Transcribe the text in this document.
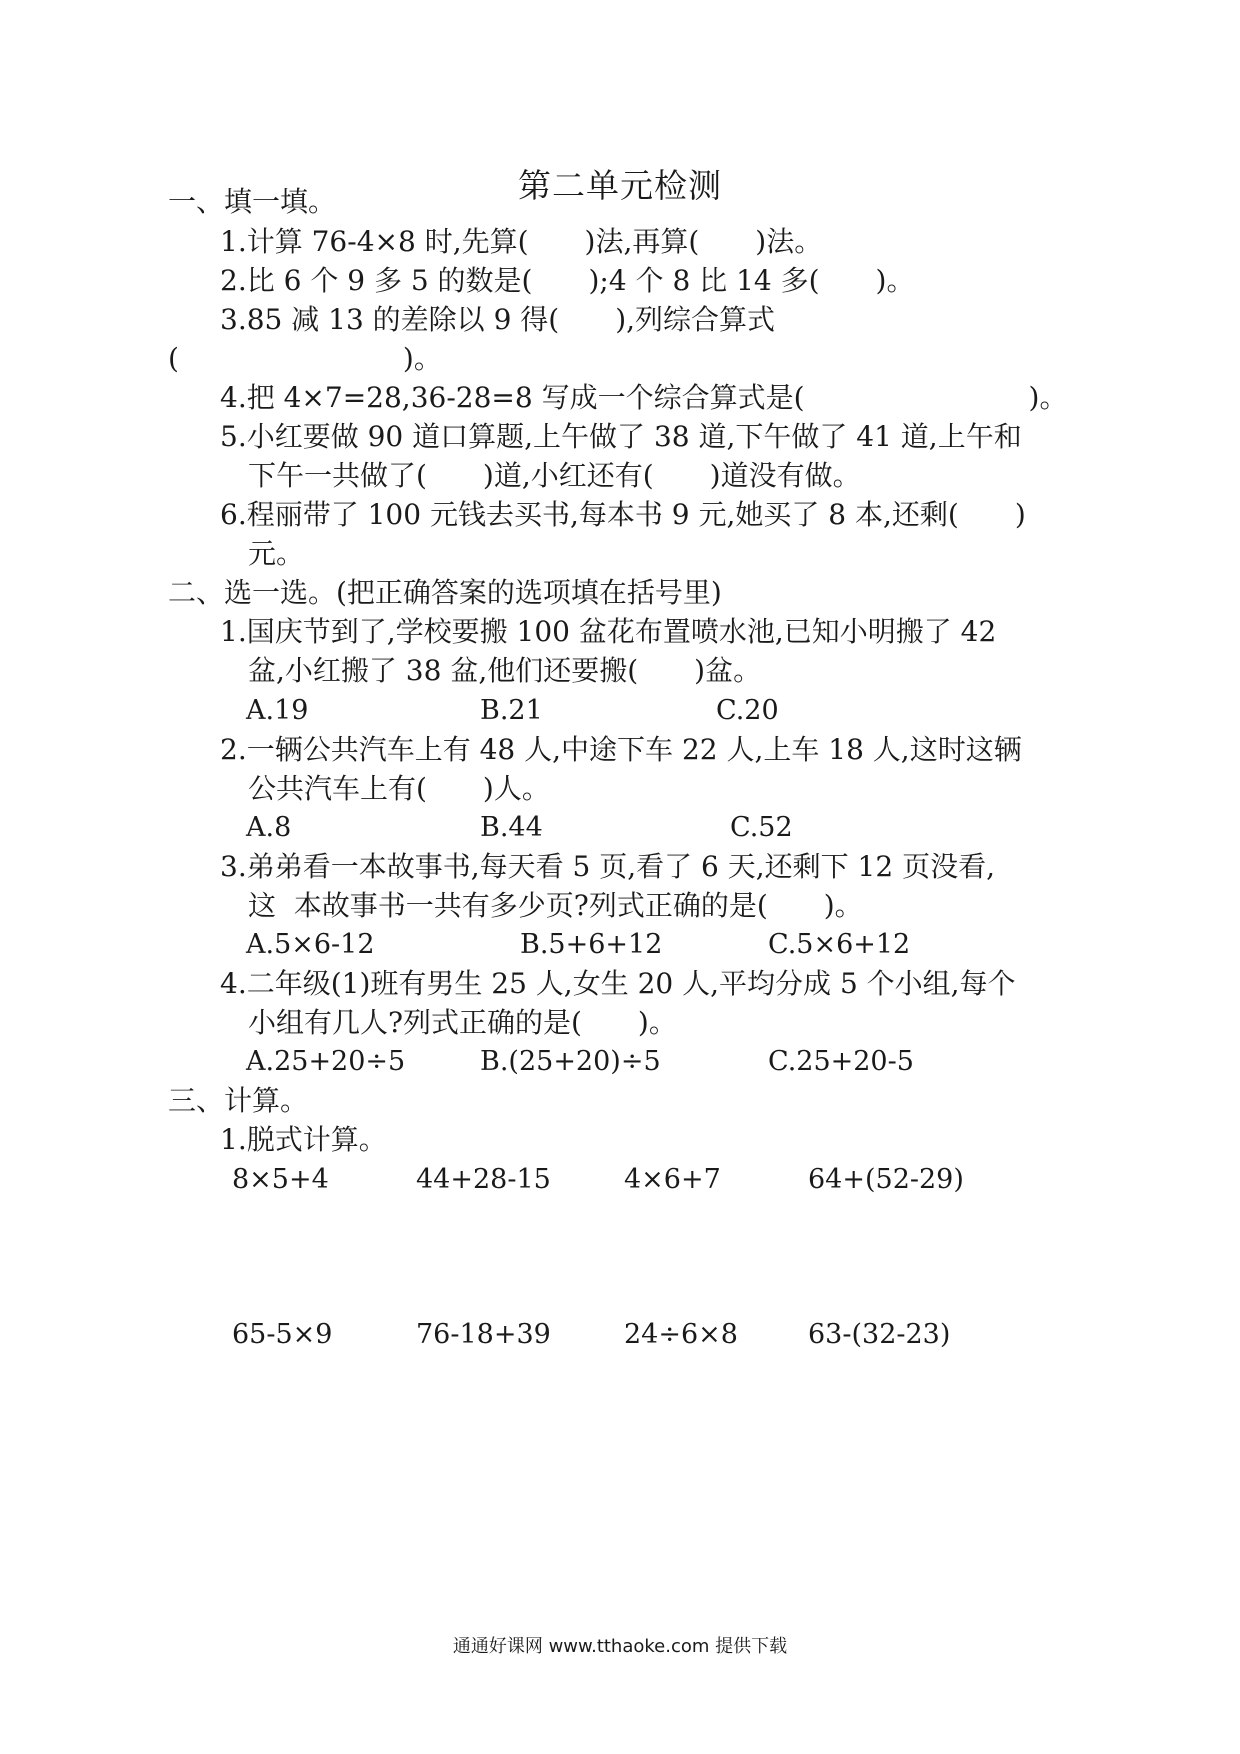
第二单元检测
一、填一填。
1.计算 76-4×8 时,先算(　　)法,再算(　　)法。
2.比 6 个 9 多 5 的数是(　　);4 个 8 比 14 多(　　)。
3.85 减 13 的差除以 9 得(　　),列综合算式
(　　　　　　　　)。
4.把 4×7=28,36-28=8 写成一个综合算式是(　　　　　　　　)。
5.小红要做 90 道口算题,上午做了 38 道,下午做了 41 道,上午和
下午一共做了(　　)道,小红还有(　　)道没有做。
6.程丽带了 100 元钱去买书,每本书 9 元,她买了 8 本,还剩(　　)
元。
二、选一选。(把正确答案的选项填在括号里)
1.国庆节到了,学校要搬 100 盆花布置喷水池,已知小明搬了 42
盆,小红搬了 38 盆,他们还要搬(　　)盆。
A.19	B.21	C.20
2.一辆公共汽车上有 48 人,中途下车 22 人,上车 18 人,这时这辆
公共汽车上有(　　)人。
A.8	B.44	C.52
3.弟弟看一本故事书,每天看 5 页,看了 6 天,还剩下 12 页没看,
这  本故事书一共有多少页?列式正确的是(　　)。
A.5×6-12	B.5+6+12	C.5×6+12
4.二年级(1)班有男生 25 人,女生 20 人,平均分成 5 个小组,每个
小组有几人?列式正确的是(　　)。
A.25+20÷5	B.(25+20)÷5	C.25+20-5
三、计算。
1.脱式计算。
8×5+4	44+28-15	4×6+7	64+(52-29)
65-5×9	76-18+39	24÷6×8	63-(32-23)
通通好课网 www.tthaoke.com 提供下载
